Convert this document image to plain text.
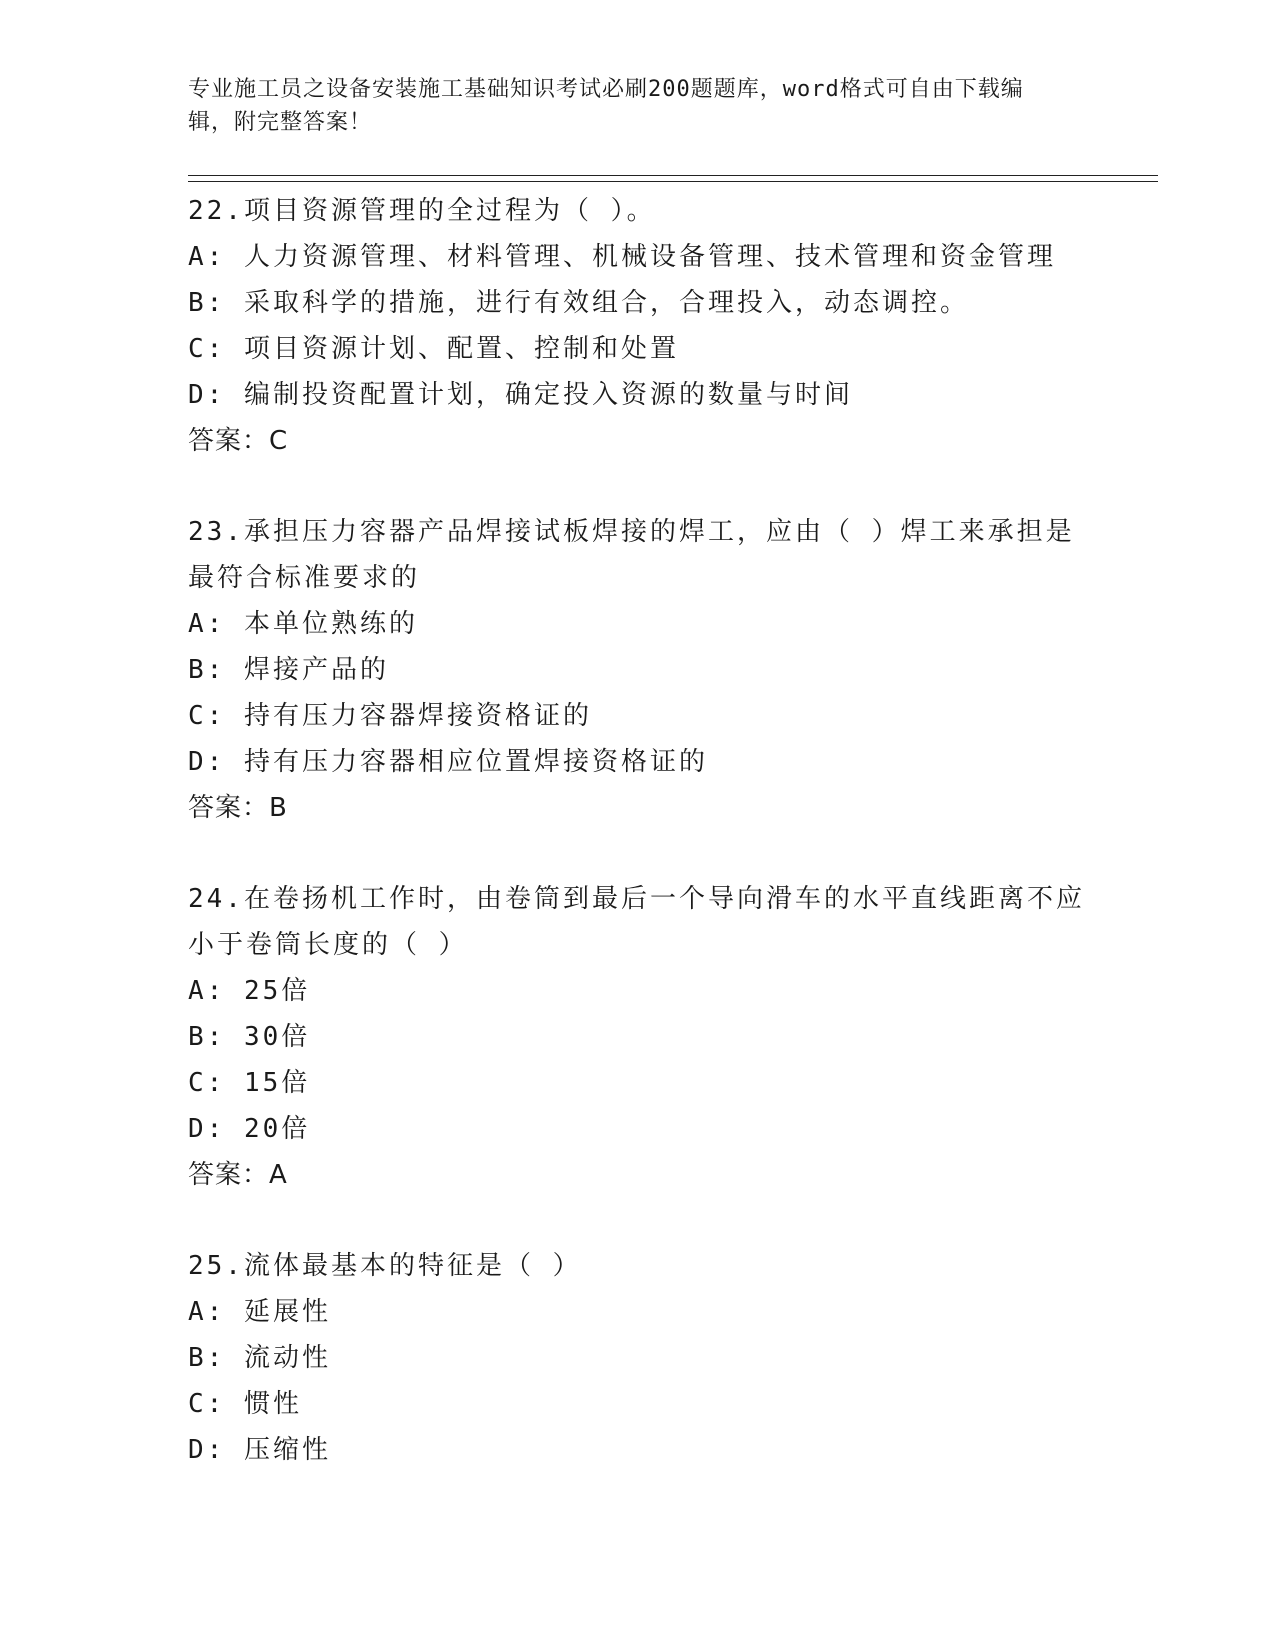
专业施工员之设备安装施工基础知识考试必刷200题题库，word格式可自由下载编辑，附完整答案！
22.项目资源管理的全过程为（ ）。
A: 人力资源管理、材料管理、机械设备管理、技术管理和资金管理
B: 采取科学的措施，进行有效组合，合理投入，动态调控。
C: 项目资源计划、配置、控制和处置
D: 编制投资配置计划，确定投入资源的数量与时间
答案：C
23.承担压力容器产品焊接试板焊接的焊工，应由（ ）焊工来承担是最符合标准要求的
A: 本单位熟练的
B: 焊接产品的
C: 持有压力容器焊接资格证的
D: 持有压力容器相应位置焊接资格证的
答案：B
24.在卷扬机工作时，由卷筒到最后一个导向滑车的水平直线距离不应小于卷筒长度的（ ）
A: 25倍
B: 30倍
C: 15倍
D: 20倍
答案：A
25.流体最基本的特征是（ ）
A: 延展性
B: 流动性
C: 惯性
D: 压缩性
